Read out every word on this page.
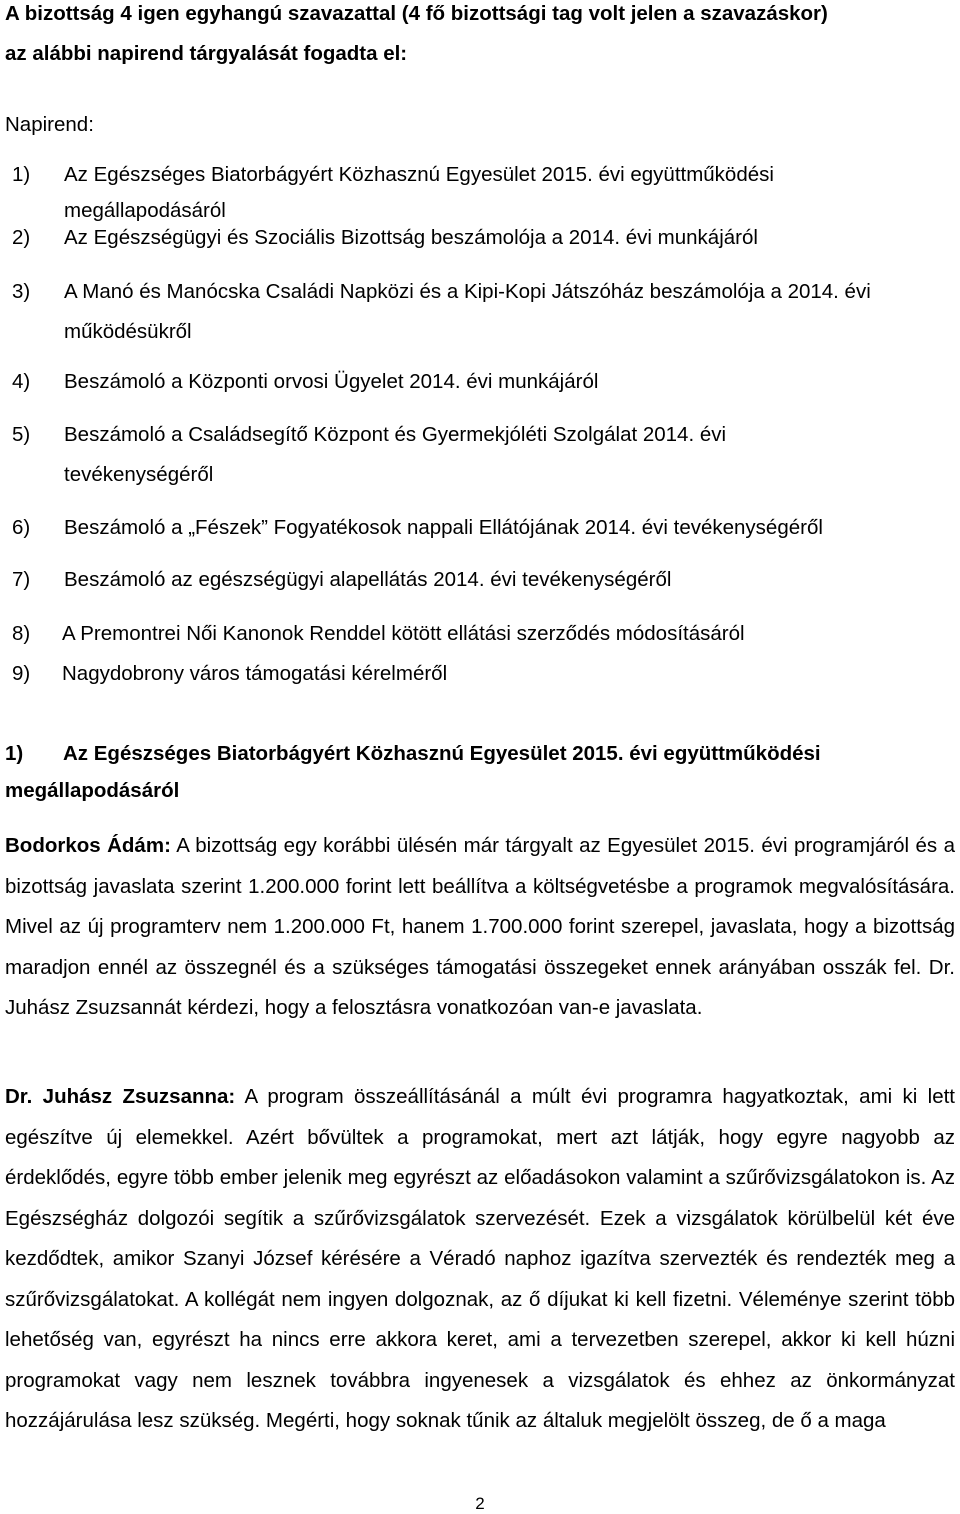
A bizottság 4 igen egyhangú szavazattal (4 fő bizottsági tag volt jelen a szavazáskor)
az alábbi napirend tárgyalását fogadta el:
Napirend:
1) Az Egészséges Biatorbágyért Közhasznú Egyesület 2015. évi együttműködési megállapodásáról
2) Az Egészségügyi és Szociális Bizottság beszámolója a 2014. évi munkájáról
3) A Manó és Manócska Családi Napközi és a Kipi-Kopi Játszóház beszámolója a 2014. évi működésükről
4) Beszámoló a Központi orvosi Ügyelet 2014. évi munkájáról
5) Beszámoló a Családsegítő Központ és Gyermekjóléti Szolgálat 2014. évi tevékenységéről
6) Beszámoló a „Fészek” Fogyatékosok nappali Ellátójának 2014. évi tevékenységéről
7) Beszámoló az egészségügyi alapellátás 2014. évi tevékenységéről
8) A Premontrei Női Kanonok Renddel kötött ellátási szerződés módosításáról
9) Nagydobrony város támogatási kérelméről
1) Az Egészséges Biatorbágyért Közhasznú Egyesület 2015. évi együttműködési megállapodásáról
Bodorkos Ádám: A bizottság egy korábbi ülésén már tárgyalt az Egyesület 2015. évi programjáról és a bizottság javaslata szerint 1.200.000 forint lett beállítva a költségvetésbe a programok megvalósítására. Mivel az új programterv nem 1.200.000 Ft, hanem 1.700.000 forint szerepel, javaslata, hogy a bizottság maradjon ennél az összegnél és a szükséges támogatási összegeket ennek arányában osszák fel. Dr. Juhász Zsuzsannát kérdezi, hogy a felosztásra vonatkozóan van-e javaslata.
Dr. Juhász Zsuzsanna: A program összeállításánál a múlt évi programra hagyatkoztak, ami ki lett egészítve új elemekkel. Azért bővültek a programokat, mert azt látják, hogy egyre nagyobb az érdeklődés, egyre több ember jelenik meg egyrészt az előadásokon valamint a szűrővizsgálatokon is. Az Egészségház dolgozói segítik a szűrővizsgálatok szervezését. Ezek a vizsgálatok körülbelül két éve kezdődtek, amikor Szanyi József kérésére a Véradó naphoz igazítva szervezték és rendezték meg a szűrővizsgálatokat. A kollégát nem ingyen dolgoznak, az ő díjukat ki kell fizetni. Véleménye szerint több lehetőség van, egyrészt ha nincs erre akkora keret, ami a tervezetben szerepel, akkor ki kell húzni programokat vagy nem lesznek továbbra ingyenesek a vizsgálatok és ehhez az önkormányzat hozzájárulása lesz szükség. Megérti, hogy soknak tűnik az általuk megjelölt összeg, de ő a maga
2
